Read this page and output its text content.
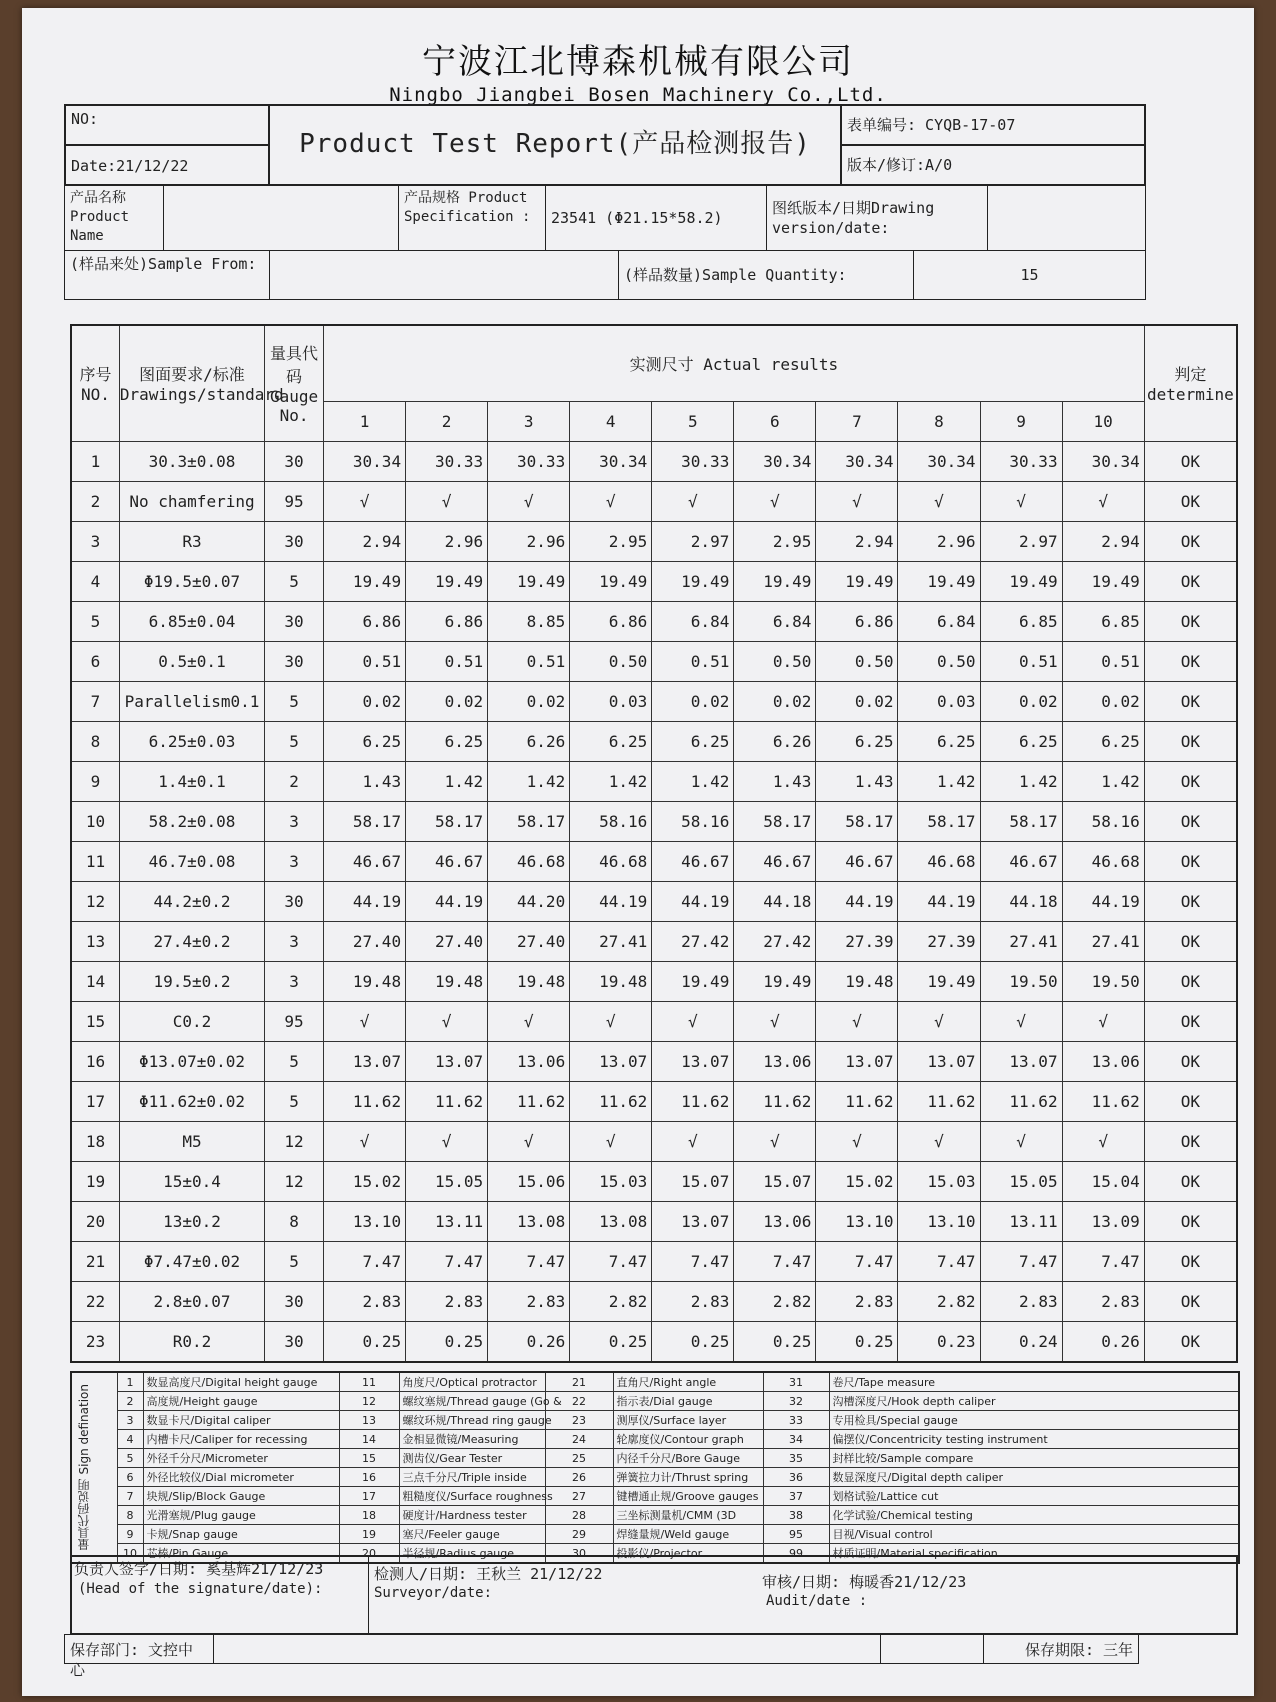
宁波江北博森机械有限公司
Ningbo Jiangbei Bosen Machinery Co.,Ltd.
NO:
Date:21/12/22
Product Test Report(产品检测报告)
表单编号: CYQB-17-07
版本/修订:A/0
产品名称 Product Name
产品规格 Product Specification :	23541 (Φ21.15*58.2)
图纸版本/日期Drawing version/date:
(样品来处)Sample From:
(样品数量)Sample Quantity:	15
序号 NO.	图面要求/标准 Drawings/standard	量具代码 Gauge No.	实测尺寸 Actual results										判定 determine
			1	2	3	4	5	6	7	8	9	10	
1	30.3±0.08	30	30.34	30.33	30.33	30.34	30.33	30.34	30.34	30.34	30.33	30.34	OK
2	No chamfering	95	√	√	√	√	√	√	√	√	√	√	OK
3	R3	30	2.94	2.96	2.96	2.95	2.97	2.95	2.94	2.96	2.97	2.94	OK
4	Φ19.5±0.07	5	19.49	19.49	19.49	19.49	19.49	19.49	19.49	19.49	19.49	19.49	OK
5	6.85±0.04	30	6.86	6.86	8.85	6.86	6.84	6.84	6.86	6.84	6.85	6.85	OK
6	0.5±0.1	30	0.51	0.51	0.51	0.50	0.51	0.50	0.50	0.50	0.51	0.51	OK
7	Parallelism0.1	5	0.02	0.02	0.02	0.03	0.02	0.02	0.02	0.03	0.02	0.02	OK
8	6.25±0.03	5	6.25	6.25	6.26	6.25	6.25	6.26	6.25	6.25	6.25	6.25	OK
9	1.4±0.1	2	1.43	1.42	1.42	1.42	1.42	1.43	1.43	1.42	1.42	1.42	OK
10	58.2±0.08	3	58.17	58.17	58.17	58.16	58.16	58.17	58.17	58.17	58.17	58.16	OK
11	46.7±0.08	3	46.67	46.67	46.68	46.68	46.67	46.67	46.67	46.68	46.67	46.68	OK
12	44.2±0.2	30	44.19	44.19	44.20	44.19	44.19	44.18	44.19	44.19	44.18	44.19	OK
13	27.4±0.2	3	27.40	27.40	27.40	27.41	27.42	27.42	27.39	27.39	27.41	27.41	OK
14	19.5±0.2	3	19.48	19.48	19.48	19.48	19.49	19.49	19.48	19.49	19.50	19.50	OK
15	C0.2	95	√	√	√	√	√	√	√	√	√	√	OK
16	Φ13.07±0.02	5	13.07	13.07	13.06	13.07	13.07	13.06	13.07	13.07	13.07	13.06	OK
17	Φ11.62±0.02	5	11.62	11.62	11.62	11.62	11.62	11.62	11.62	11.62	11.62	11.62	OK
18	M5	12	√	√	√	√	√	√	√	√	√	√	OK
19	15±0.4	12	15.02	15.05	15.06	15.03	15.07	15.07	15.02	15.03	15.05	15.04	OK
20	13±0.2	8	13.10	13.11	13.08	13.08	13.07	13.06	13.10	13.10	13.11	13.09	OK
21	Φ7.47±0.02	5	7.47	7.47	7.47	7.47	7.47	7.47	7.47	7.47	7.47	7.47	OK
22	2.8±0.07	30	2.83	2.83	2.83	2.82	2.83	2.82	2.83	2.82	2.83	2.83	OK
23	R0.2	30	0.25	0.25	0.26	0.25	0.25	0.25	0.25	0.23	0.24	0.26	OK
量具代码说明 Sign defination	1	数显高度尺/Digital height gauge	11	角度尺/Optical protractor	21	直角尺/Right angle	31	卷尺/Tape measure
	2	高度规/Height gauge	12	螺纹塞规/Thread gauge (Go &	22	指示表/Dial gauge	32	沟槽深度尺/Hook depth caliper
	3	数显卡尺/Digital caliper	13	螺纹环规/Thread ring gauge	23	测厚仪/Surface layer	33	专用检具/Special gauge
	4	内槽卡尺/Caliper for recessing	14	金相显微镜/Measuring	24	轮廓度仪/Contour graph	34	偏摆仪/Concentricity testing instrument
	5	外径千分尺/Micrometer	15	测齿仪/Gear Tester	25	内径千分尺/Bore Gauge	35	封样比较/Sample compare
	6	外径比较仪/Dial micrometer	16	三点千分尺/Triple inside	26	弹簧拉力计/Thrust spring	36	数显深度尺/Digital depth caliper
	7	块规/Slip/Block Gauge	17	粗糙度仪/Surface roughness	27	键槽通止规/Groove gauges	37	划格试验/Lattice cut
	8	光滑塞规/Plug gauge	18	硬度计/Hardness tester	28	三坐标测量机/CMM (3D	38	化学试验/Chemical testing
	9	卡规/Snap gauge	19	塞尺/Feeler gauge	29	焊缝量规/Weld gauge	95	目视/Visual control
	10	芯棒/Pin Gauge	20	半径规/Radius gauge	30	投影仪/Projector	99	材质证明/Material specification
负责人签字/日期: 奚基辉21/12/23
(Head of the signature/date):
检测人/日期: 王秋兰 21/12/22
Surveyor/date:
审核/日期: 梅暖香21/12/23
Audit/date :
保存部门: 文控中心
保存期限: 三年
